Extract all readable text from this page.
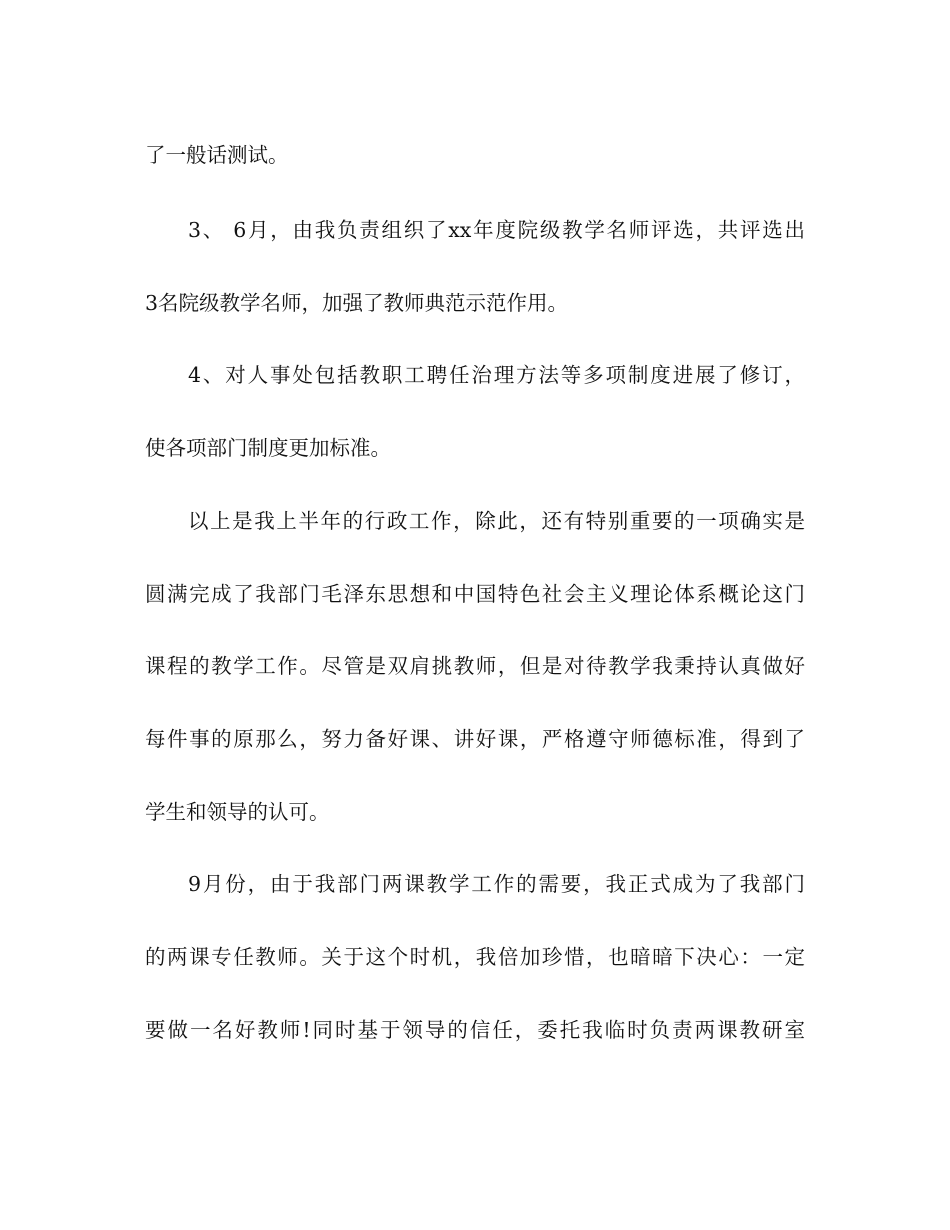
了一般话测试。
3、 6月，由我负责组织了xx年度院级教学名师评选，共评选出
3名院级教学名师，加强了教师典范示范作用。
4、对人事处包括教职工聘任治理方法等多项制度进展了修订，
使各项部门制度更加标准。
以上是我上半年的行政工作，除此，还有特别重要的一项确实是
圆满完成了我部门毛泽东思想和中国特色社会主义理论体系概论这门
课程的教学工作。尽管是双肩挑教师，但是对待教学我秉持认真做好
每件事的原那么，努力备好课、讲好课，严格遵守师德标准，得到了
学生和领导的认可。
9月份，由于我部门两课教学工作的需要，我正式成为了我部门
的两课专任教师。关于这个时机，我倍加珍惜，也暗暗下决心：一定
要做一名好教师!同时基于领导的信任，委托我临时负责两课教研室
